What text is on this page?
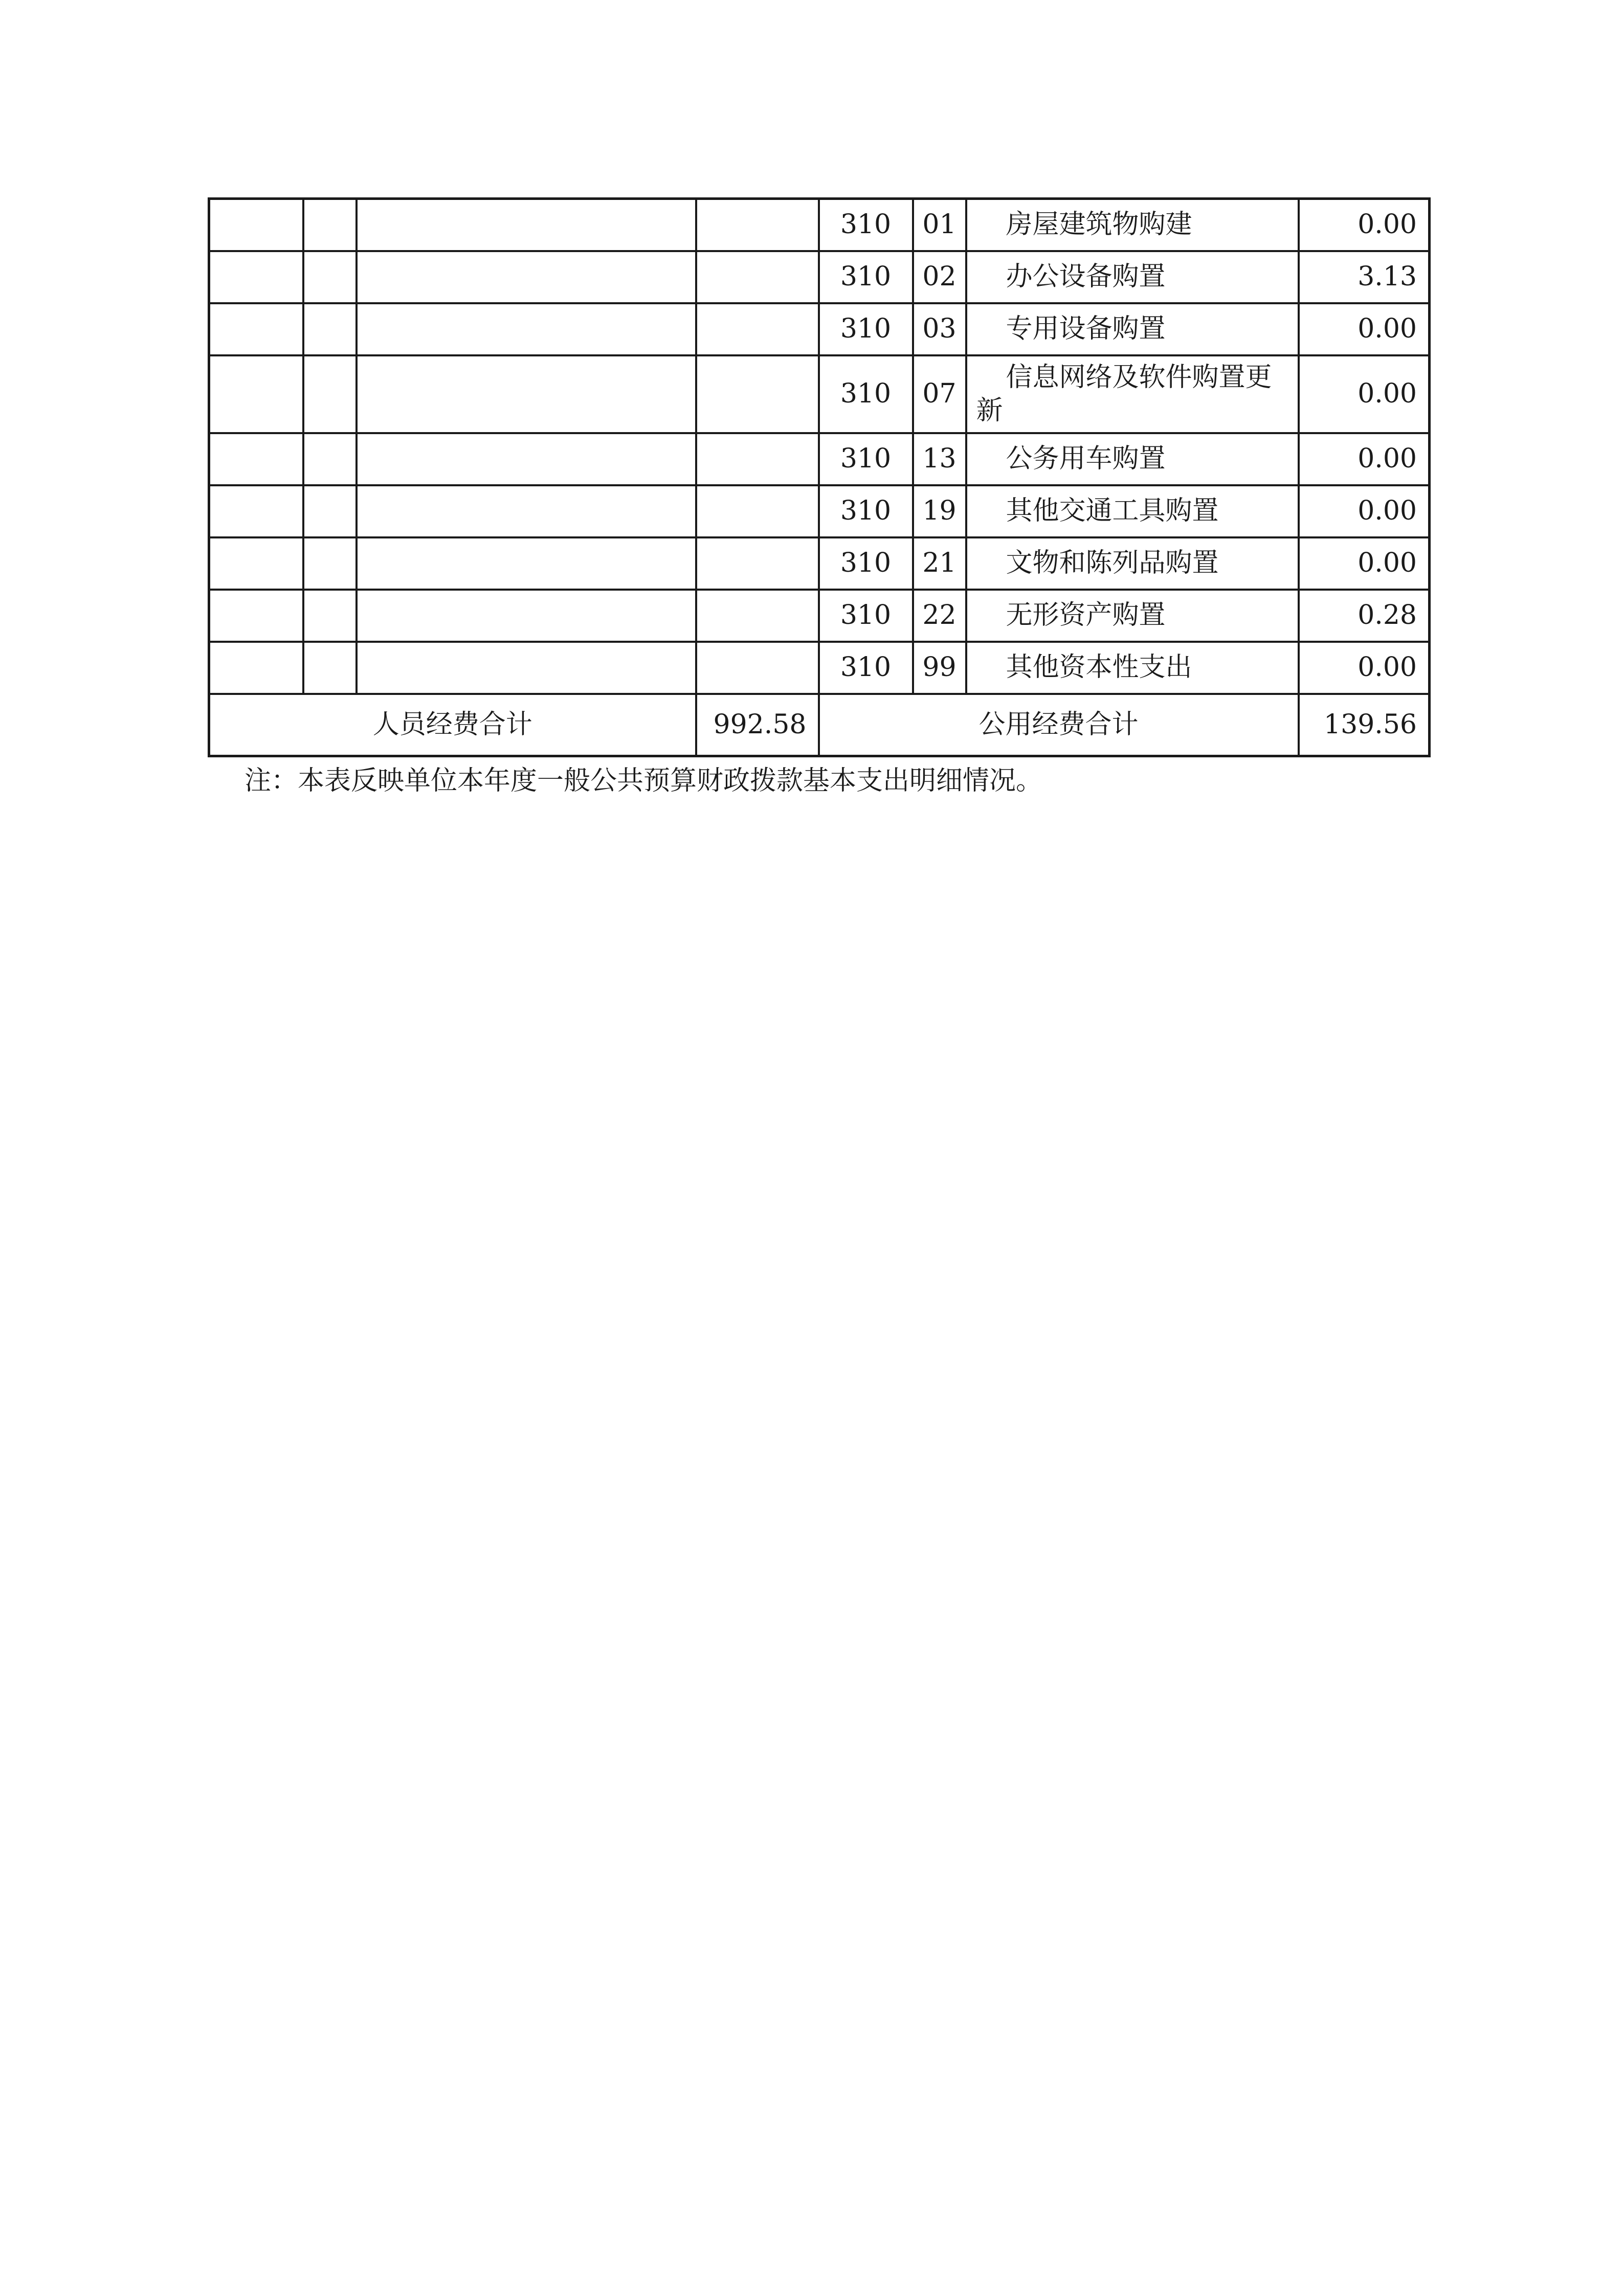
				310	01	房屋建筑物购建	0.00
				310	02	办公设备购置	3.13
				310	03	专用设备购置	0.00
				310	07	信息网络及软件购置更新	0.00
				310	13	公务用车购置	0.00
				310	19	其他交通工具购置	0.00
				310	21	文物和陈列品购置	0.00
				310	22	无形资产购置	0.28
				310	99	其他资本性支出	0.00
人员经费合计			992.58	公用经费合计			139.56
注：本表反映单位本年度一般公共预算财政拨款基本支出明细情况。
